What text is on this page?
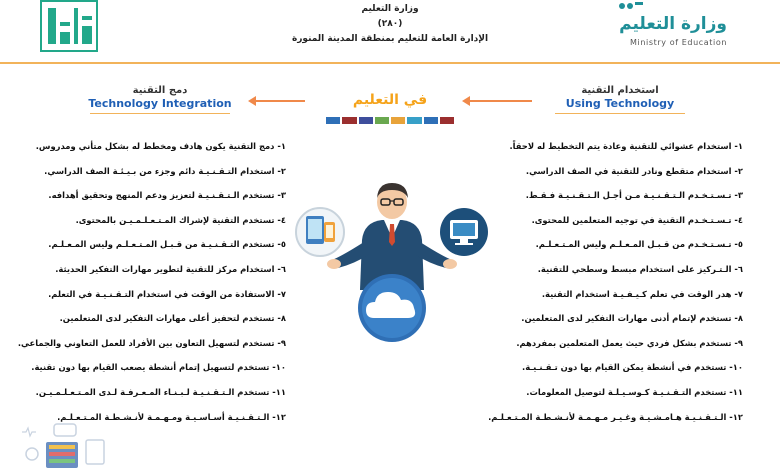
وزارة التعليم
(٢٨٠)
الإدارة العامة للتعليم بمنطقة المدينة المنورة
وزارة التعليم
Ministry of Education
دمج التقنية
Technology Integration
استخدام التقنية
Using Technology
في التعليم
١- دمج التقنية يكون هادف ومخطط له بشكل متأني ومدروس.
٢- استخدام التـقـنـيـة دائم وجزء من بـيـئـة الصف الدراسي.
٣- تستخدم الـتـقـنـيـة لتعزيز ودعم المنهج وتحقيق أهدافه.
٤- تستخدم التقنية لإشراك المـتـعـلـمـيـن بالمحتوى.
٥- تستخدم التـقـنـيـة من قـبـل المـتـعـلـم وليس المـعـلـم.
٦- استخدام مركز للتقنية لتطوير مهارات التفكير الحديثة.
٧- الاستفادة من الوقت في استخدام التـقـنـيـة في التعلم.
٨- تستخدم لتحفيز أعلى مهارات التفكير لدى المتعلمين.
٩- تستخدم لتسهيل التعاون بين الأفراد للعمل التعاوني والجماعي.
١٠- تستخدم لتسهيل إتمام أنشطة يصعب القيام بها دون تقنية.
١١- تستخدم الـتـقـنـيـة لـبـنـاء المـعـرفـة لـدى المـتـعـلـمـيـن.
١٢- الـتـقـنـيـة أسـاسـيـة ومـهـمـة لأنـشـطـة المـتـعـلـم.
١- استخدام عشوائي للتقنية وعادة يتم التخطيط له لاحقاً.
٢- استخدام متقطع ونادر للتقنية في الصف الدراسي.
٣- تـسـتـخـدم الـتـقـنـيـة مـن أجـل الـتـقـنـيـة فـقـط.
٤- تـسـتـخـدم التقنية في توجيه المتعلمين للمحتوى.
٥- تـسـتـخـدم من قـبـل المـعـلـم وليس المـتـعـلـم.
٦- الـتـركيز على استخدام مبسط وسطحي للتقنية.
٧- هدر الوقت في تعلم كـيـفـيـة استخدام التقنية.
٨- تستخدم لإتمام أدنى مهارات التفكير لدى المتعلمين.
٩- تستخدم بشكل فردي حيث يعمل المتعلمين بمفردهم.
١٠- تستخدم في أنشطة يمكن القيام بها دون تـقـنـيـة.
١١- تستخدم التـقـنـيـة كـوسـيـلـة لتوصيل المعلومات.
١٢- الـتـقـنـيـة هـامـشـيـة وغـيـر مـهـمـة لأنـشـطـة المـتـعـلـم.
